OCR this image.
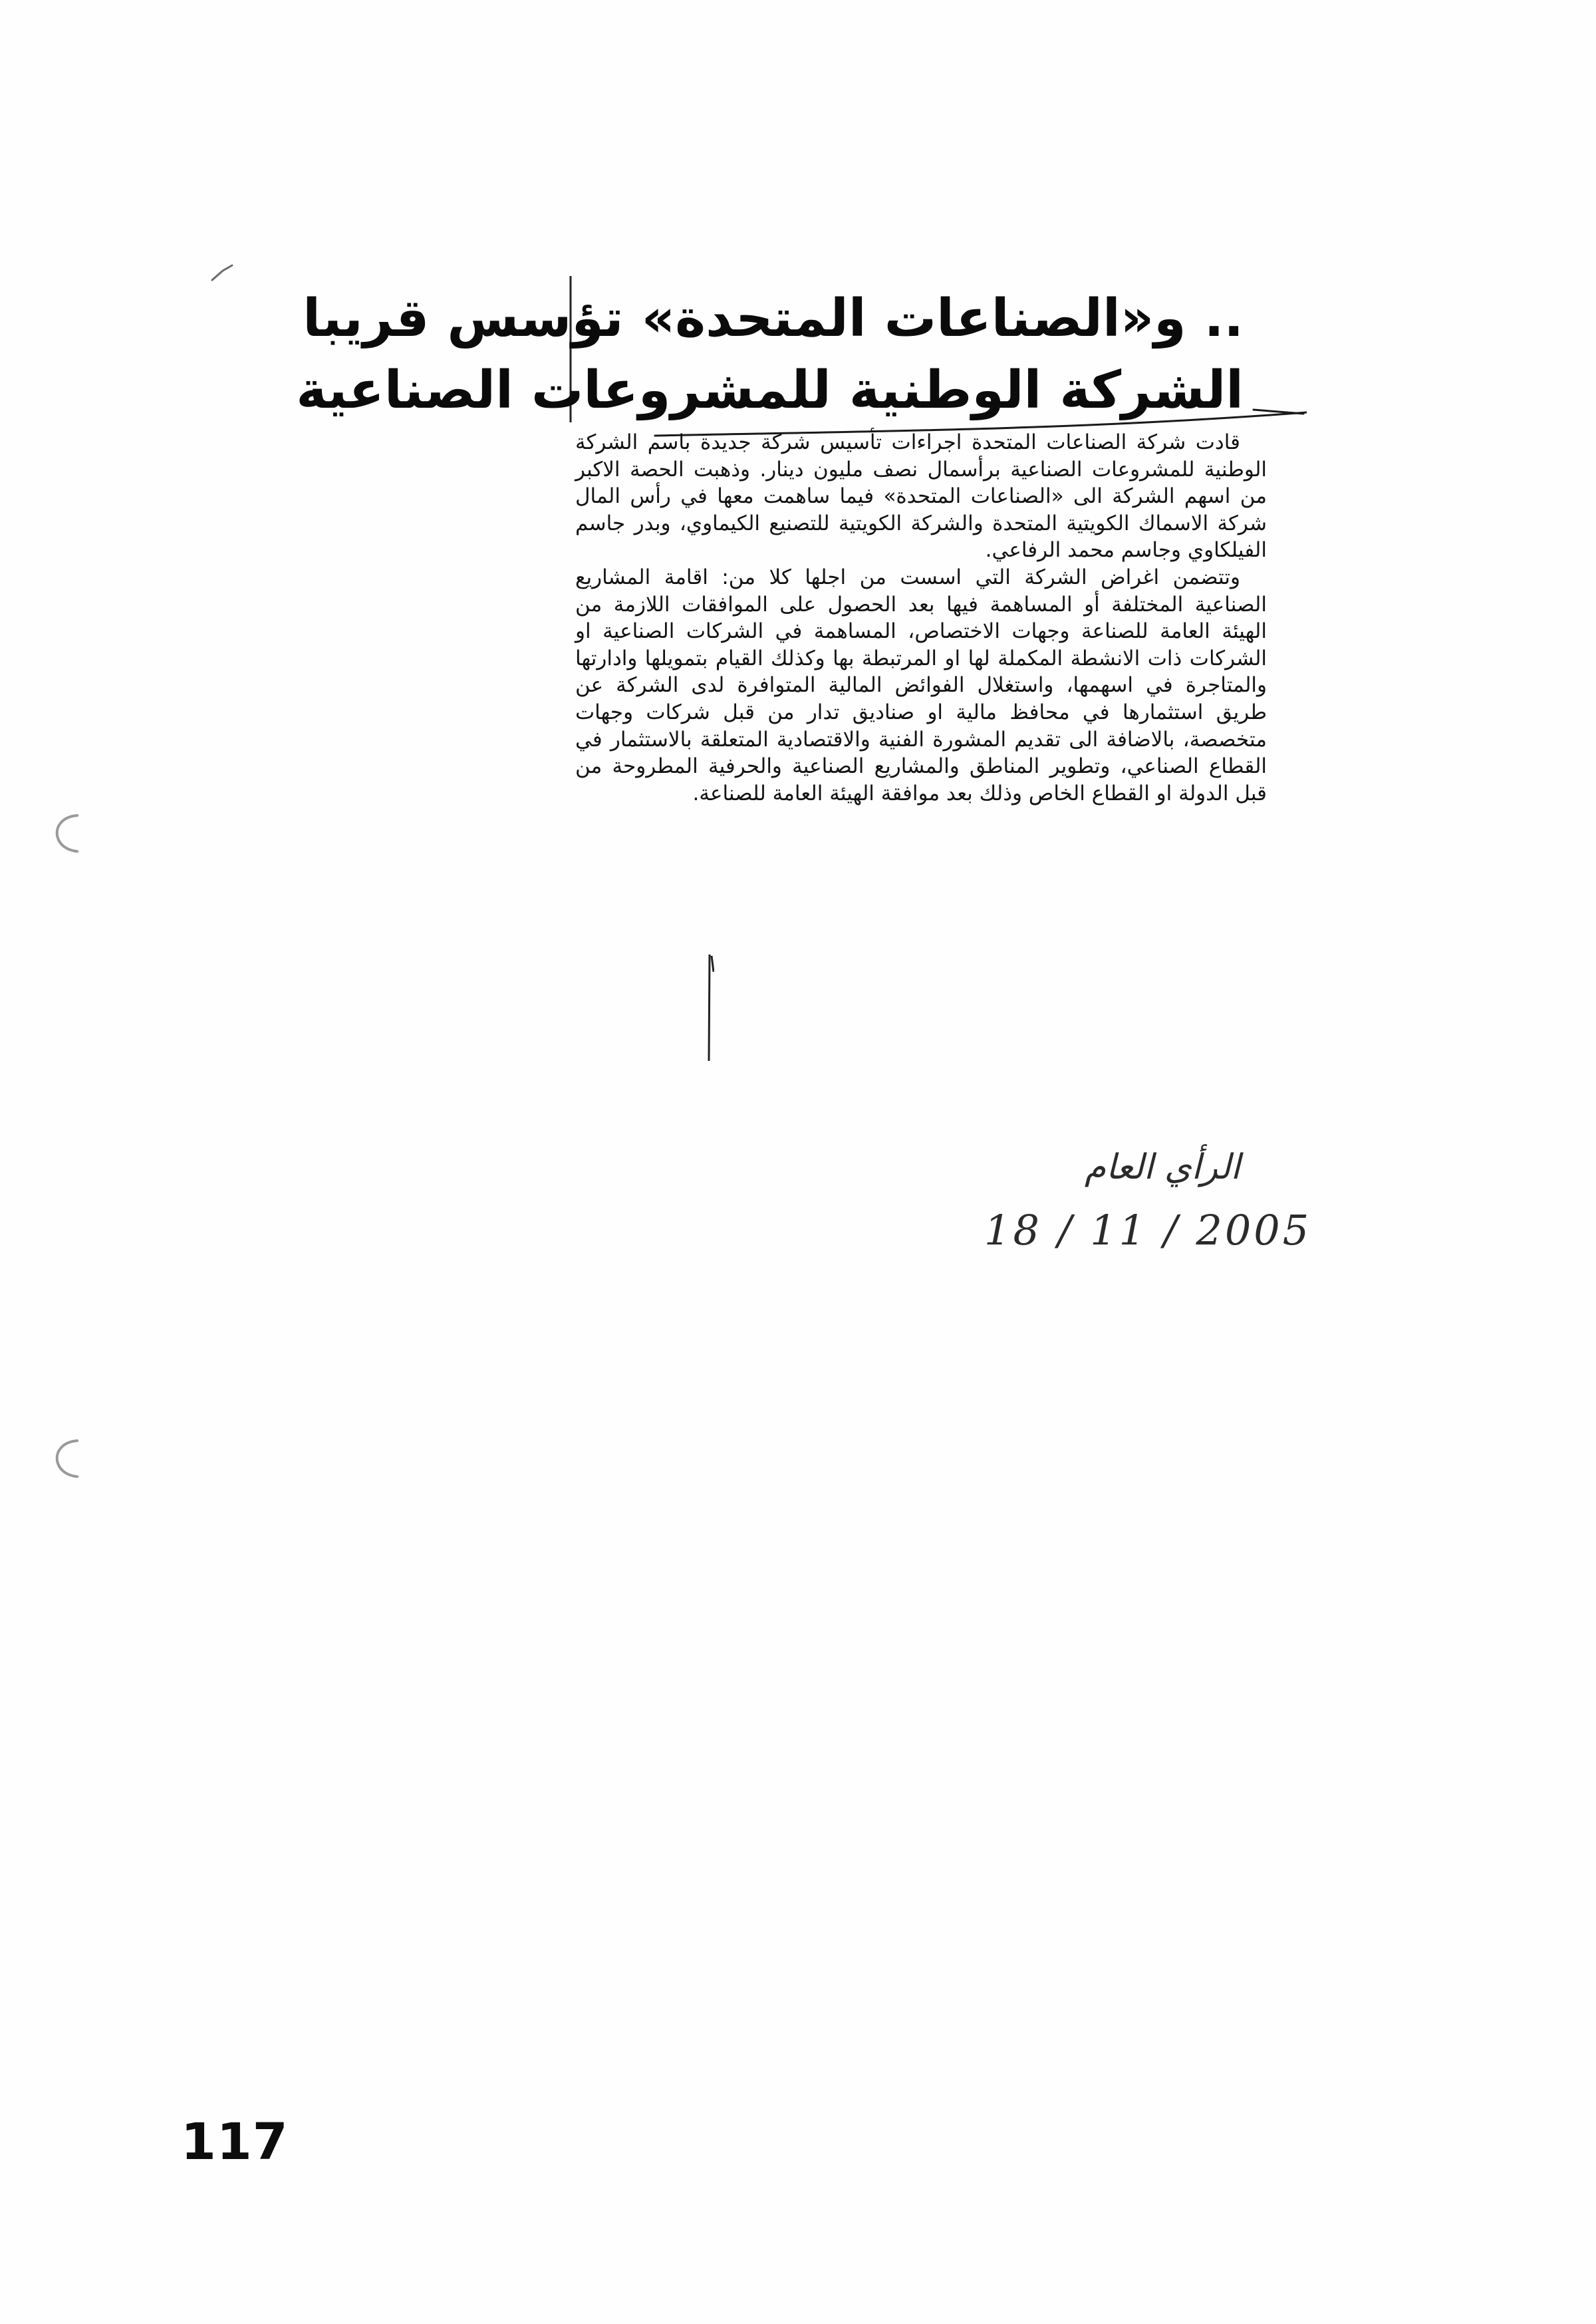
.. و«الصناعات المتحدة» تؤسس قريبا
الشركة الوطنية للمشروعات الصناعية

قادت شركة الصناعات المتحدة اجراءات تأسيس شركة جديدة باسم الشركة الوطنية للمشروعات الصناعية برأسمال نصف مليون دينار. وذهبت الحصة الاكبر من اسهم الشركة الى «الصناعات المتحدة» فيما ساهمت معها في رأس المال شركة الاسماك الكويتية المتحدة والشركة الكويتية للتصنيع الكيماوي، وبدر جاسم الفيلكاوي وجاسم محمد الرفاعي.

وتتضمن اغراض الشركة التي اسست من اجلها كلا من: اقامة المشاريع الصناعية المختلفة أو المساهمة فيها بعد الحصول على الموافقات اللازمة من الهيئة العامة للصناعة وجهات الاختصاص، المساهمة في الشركات الصناعية او الشركات ذات الانشطة المكملة لها او المرتبطة بها وكذلك القيام بتمويلها وادارتها والمتاجرة في اسهمها، واستغلال الفوائض المالية المتوافرة لدى الشركة عن طريق استثمارها في محافظ مالية او صناديق تدار من قبل شركات وجهات متخصصة، بالاضافة الى تقديم المشورة الفنية والاقتصادية المتعلقة بالاستثمار في القطاع الصناعي، وتطوير المناطق والمشاريع الصناعية والحرفية المطروحة من قبل الدولة او القطاع الخاص وذلك بعد موافقة الهيئة العامة للصناعة.

الرأي العام
18 / 11 / 2005
117
